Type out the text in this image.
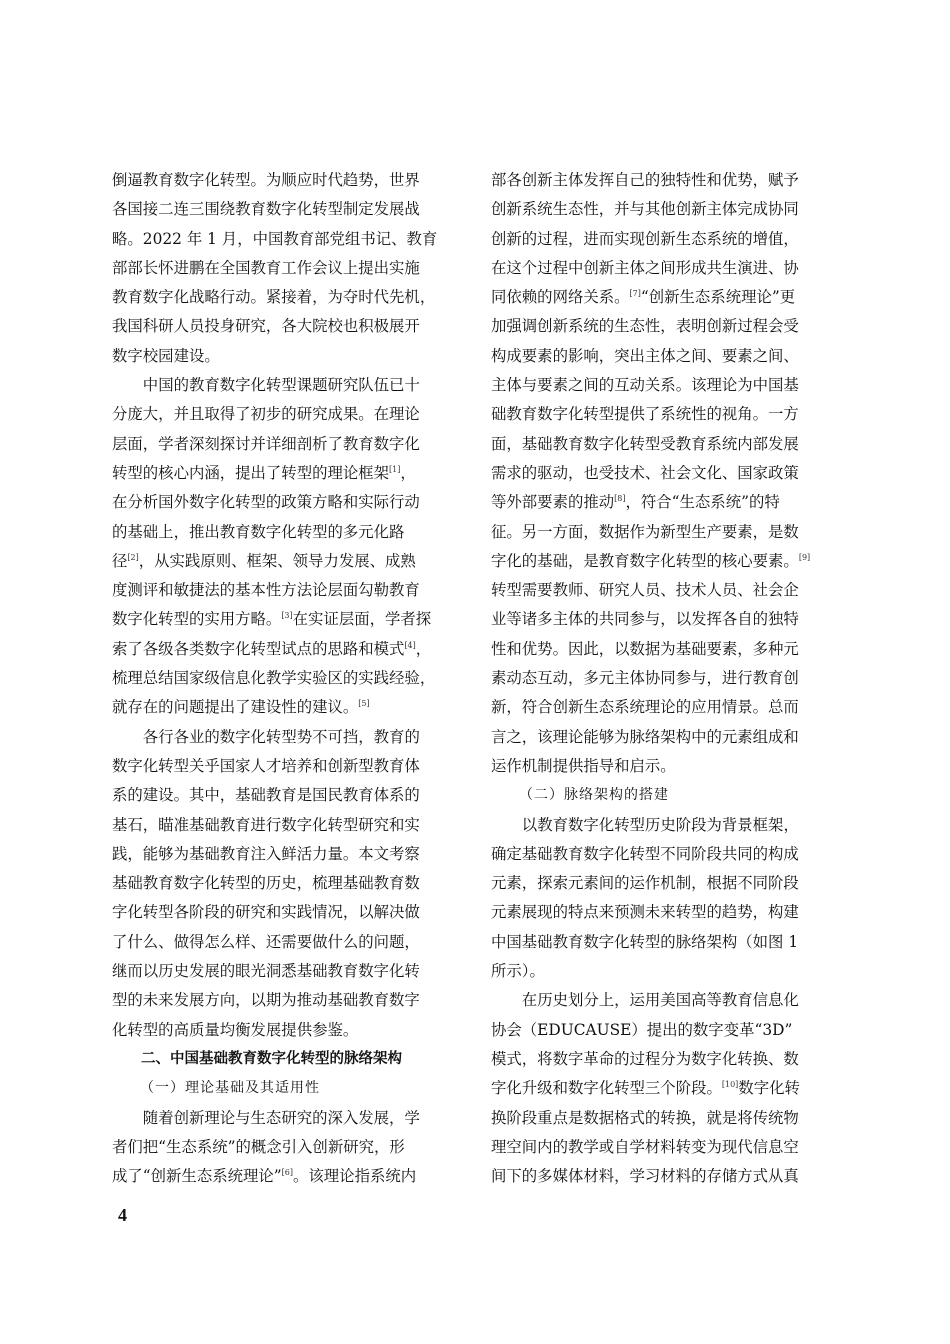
倒逼教育数字化转型。为顺应时代趋势，世界
各国接二连三围绕教育数字化转型制定发展战
略。2022 年 1 月，中国教育部党组书记、教育
部部长怀进鹏在全国教育工作会议上提出实施
教育数字化战略行动。紧接着，为夺时代先机，
我国科研人员投身研究，各大院校也积极展开
数字校园建设。

中国的教育数字化转型课题研究队伍已十
分庞大，并且取得了初步的研究成果。在理论
层面，学者深刻探讨并详细剖析了教育数字化
转型的核心内涵，提出了转型的理论框架[1]，
在分析国外数字化转型的政策方略和实际行动
的基础上，推出教育数字化转型的多元化路
径[2]，从实践原则、框架、领导力发展、成熟
度测评和敏捷法的基本性方法论层面勾勒教育
数字化转型的实用方略。[3]在实证层面，学者探
索了各级各类数字化转型试点的思路和模式[4]，
梳理总结国家级信息化教学实验区的实践经验，
就存在的问题提出了建设性的建议。[5]

各行各业的数字化转型势不可挡，教育的
数字化转型关乎国家人才培养和创新型教育体
系的建设。其中，基础教育是国民教育体系的
基石，瞄准基础教育进行数字化转型研究和实
践，能够为基础教育注入鲜活力量。本文考察
基础教育数字化转型的历史，梳理基础教育数
字化转型各阶段的研究和实践情况，以解决做
了什么、做得怎么样、还需要做什么的问题，
继而以历史发展的眼光洞悉基础教育数字化转
型的未来发展方向，以期为推动基础教育数字
化转型的高质量均衡发展提供参鉴。

二、中国基础教育数字化转型的脉络架构
（一）理论基础及其适用性

随着创新理论与生态研究的深入发展，学
者们把“生态系统”的概念引入创新研究，形
成了“创新生态系统理论”[6]。该理论指系统内

部各创新主体发挥自己的独特性和优势，赋予
创新系统生态性，并与其他创新主体完成协同
创新的过程，进而实现创新生态系统的增值，
在这个过程中创新主体之间形成共生演进、协
同依赖的网络关系。[7]“创新生态系统理论”更
加强调创新系统的生态性，表明创新过程会受
构成要素的影响，突出主体之间、要素之间、
主体与要素之间的互动关系。该理论为中国基
础教育数字化转型提供了系统性的视角。一方
面，基础教育数字化转型受教育系统内部发展
需求的驱动，也受技术、社会文化、国家政策
等外部要素的推动[8]，符合“生态系统”的特
征。另一方面，数据作为新型生产要素，是数
字化的基础，是教育数字化转型的核心要素。[9]
转型需要教师、研究人员、技术人员、社会企
业等诸多主体的共同参与，以发挥各自的独特
性和优势。因此，以数据为基础要素，多种元
素动态互动，多元主体协同参与，进行教育创
新，符合创新生态系统理论的应用情景。总而
言之，该理论能够为脉络架构中的元素组成和
运作机制提供指导和启示。

（二）脉络架构的搭建

以教育数字化转型历史阶段为背景框架，
确定基础教育数字化转型不同阶段共同的构成
元素，探索元素间的运作机制，根据不同阶段
元素展现的特点来预测未来转型的趋势，构建
中国基础教育数字化转型的脉络架构（如图 1
所示）。

在历史划分上，运用美国高等教育信息化
协会（EDUCAUSE）提出的数字变革“3D”
模式，将数字革命的过程分为数字化转换、数
字化升级和数字化转型三个阶段。[10]数字化转
换阶段重点是数据格式的转换，就是将传统物
理空间内的教学或自学材料转变为现代信息空
间下的多媒体材料，学习材料的存储方式从真

4
